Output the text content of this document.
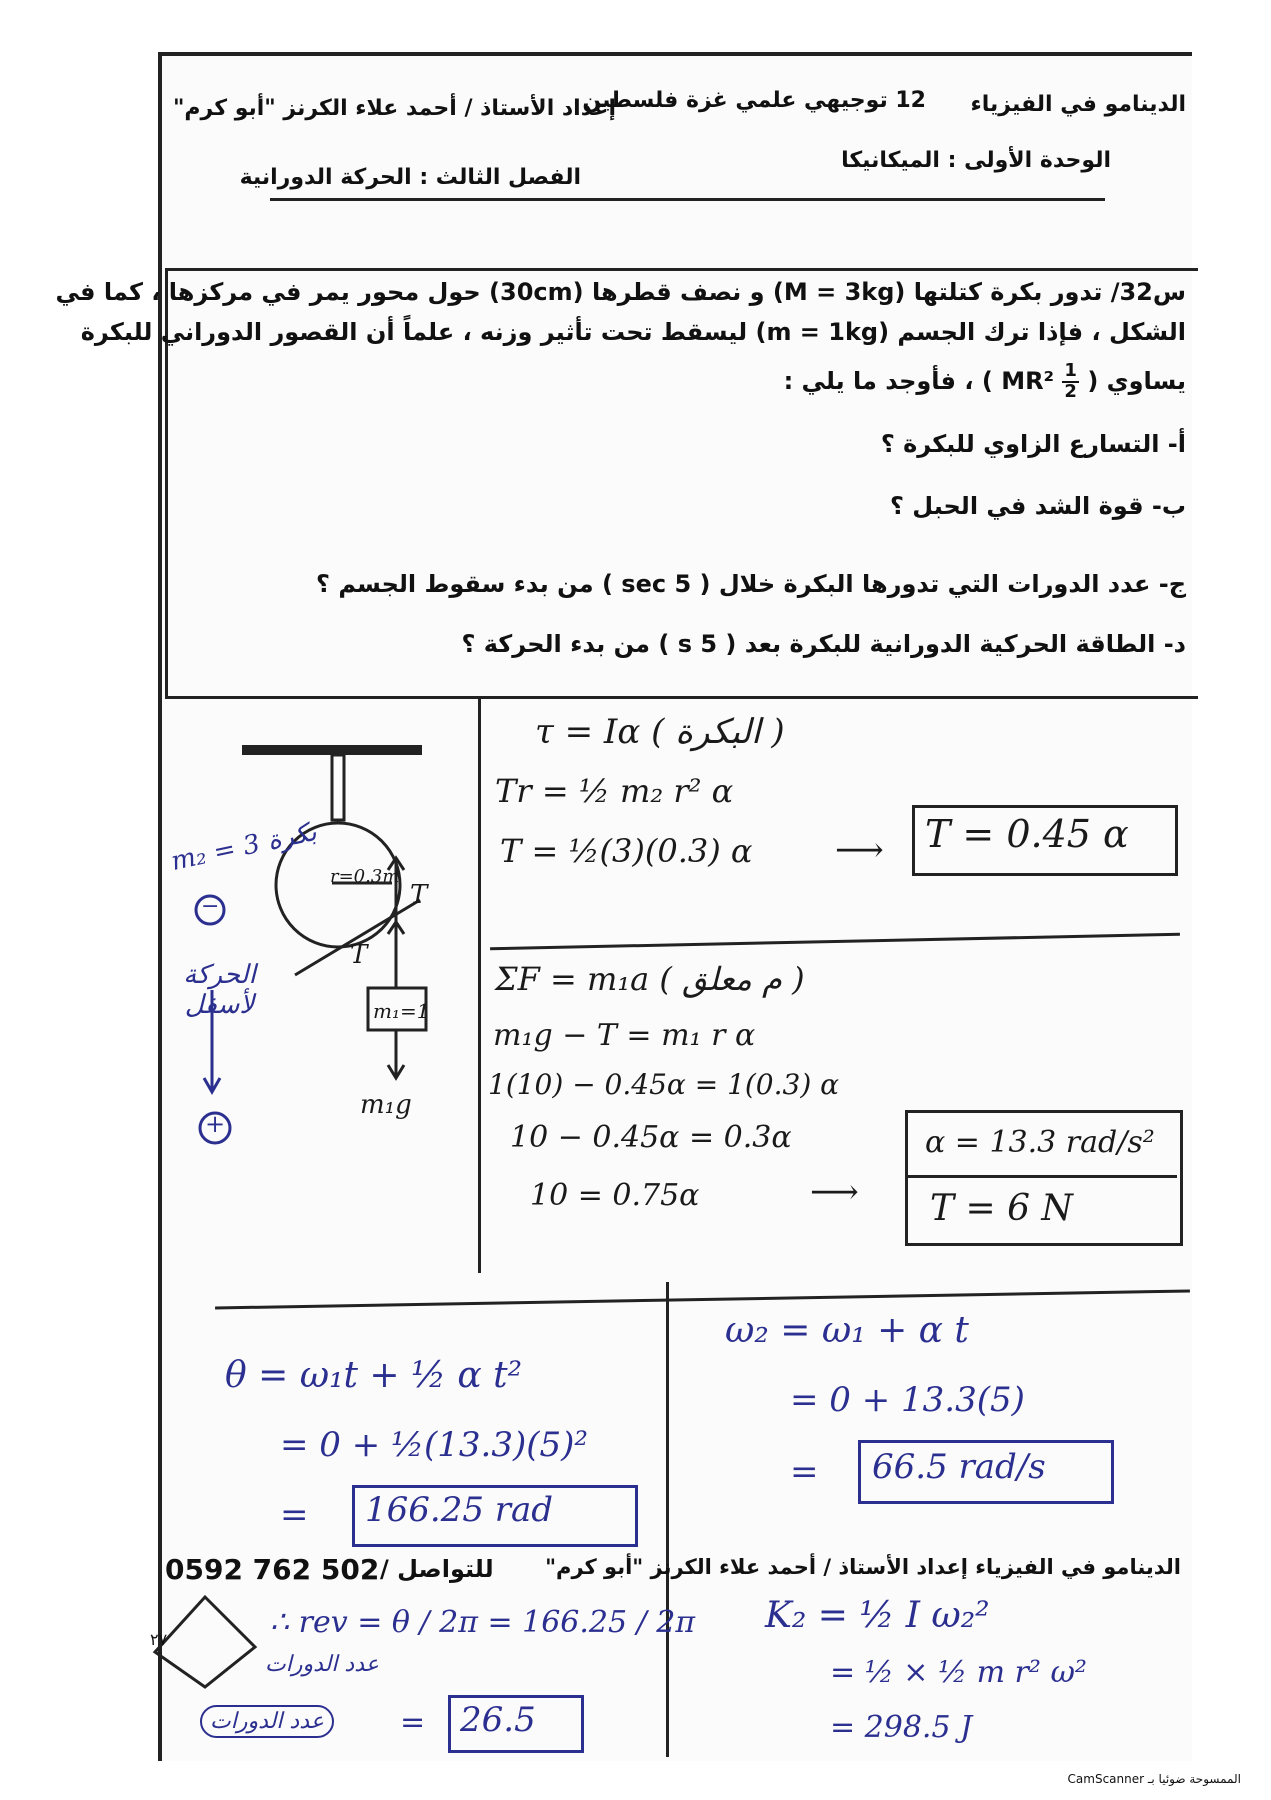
الدينامو في الفيزياء
12 توجيهي علمي غزة فلسطين
إعداد الأستاذ / أحمد علاء الكرنز "أبو كرم"
الوحدة الأولى : الميكانيكا
الفصل الثالث : الحركة الدورانية
س32/ تدور بكرة كتلتها (M = 3kg) و نصف قطرها (30cm) حول محور يمر في مركزها ، كما في
الشكل ، فإذا ترك الجسم (m = 1kg) ليسقط تحت تأثير وزنه ، علماً أن القصور الدوراني للبكرة
يساوي (
$\frac{1}{2}$
MR² ) ، فأوجد ما يلي :
أ- التسارع الزاوي للبكرة ؟
ب- قوة الشد في الحبل ؟
ج- عدد الدورات التي تدورها البكرة خلال ( 5 sec ) من بدء سقوط الجسم ؟
د- الطاقة الحركية الدورانية للبكرة بعد ( 5 s ) من بدء الحركة ؟
m₂ = 3 بكرة
r=0.3m
T
T
m₁=1
m₁g
−
+
الحركة لأسفل
τ = Iα ( البكرة )
Tr = ½ m₂ r² α
T = ½(3)(0.3) α ⟶ T = 0.45 α
ΣF = m₁a ( م معلق )
m₁g − T = m₁ r α
1(10) − 0.45α = 1(0.3) α
10 − 0.45α = 0.3α
10 = 0.75α	⟶
α = 13.3 rad/s²
T = 6 N
θ = ω₁t + ½ α t²
= 0 + ½(13.3)(5)²
= 166.25 rad
ω₂ = ω₁ + α t
= 0 + 13.3(5)
= 66.5 rad/s
0592 762 502 للتواصل / الدينامو في الفيزياء إعداد الأستاذ / أحمد علاء الكرنز "أبو كرم"
٢٧	∴ rev = θ / 2π = 166.25 / 2π
عدد الدورات
عدد الدورات	= 26.5
K₂ = ½ I ω₂²
= ½ × ½ m r² ω²
= 298.5 J
الممسوحة ضوئيا بـ CamScanner
